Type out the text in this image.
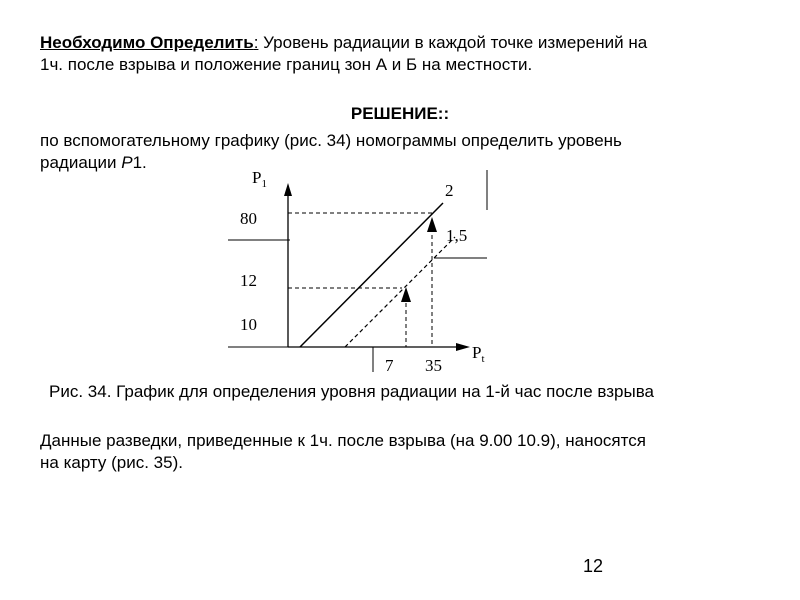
Необходимо Определить: Уровень радиации в каждой точке измерений на
1ч. после взрыва и положение границ зон А и Б на местности.
РЕШЕНИЕ::
по вспомогательному графику (рис. 34) номограммы определить уровень
радиации Р1.
$P_1$
$P_t$
80
12
10
7 35
2
1,5
Рис. 34. График для определения уровня радиации на 1-й час после взрыва
Данные разведки, приведенные к 1ч. после взрыва (на 9.00 10.9), наносятся
на карту (рис. 35).
12
